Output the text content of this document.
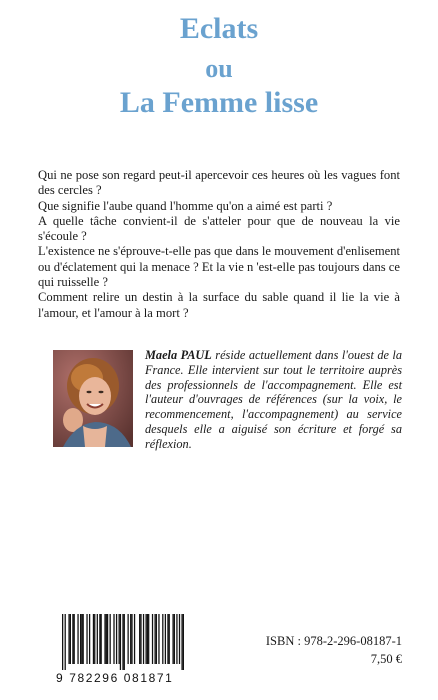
Eclats
ou
La Femme lisse

Qui ne pose son regard peut-il apercevoir ces heures où les vagues font des cercles ?

Que signifie l'aube quand l'homme qu'on a aimé est parti ?

A quelle tâche convient-il de s'atteler pour que de nouveau la vie s'écoule ?

L'existence ne s'éprouve-t-elle pas que dans le mouvement d'enlisement ou d'éclatement qui la menace ? Et la vie n 'est-elle pas toujours dans ce qui ruisselle ?

Comment relire un destin à la surface du sable quand il lie la vie à l'amour, et l'amour à la mort ?

Maela PAUL réside actuellement dans l'ouest de la France. Elle intervient sur tout le territoire auprès des professionnels de l'accompagnement. Elle est l'auteur d'ouvrages de références (sur la voix, le recommencement, l'accompagnement) au service desquels elle a aiguisé son écriture et forgé sa réflexion.
9 782296 081871
ISBN : 978-2-296-08187-1
7,50 €
